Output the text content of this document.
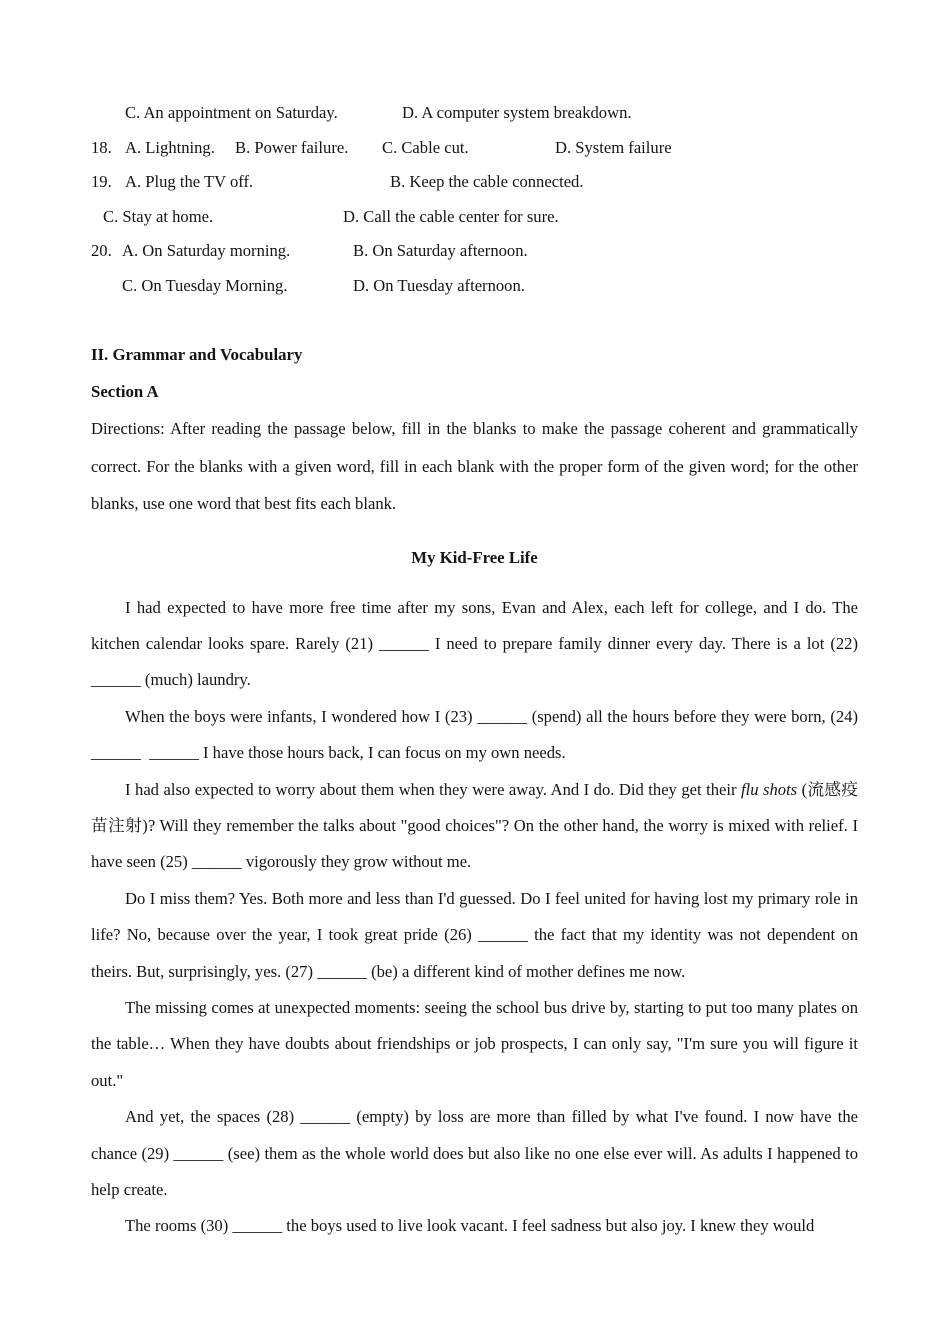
C. An appointment on Saturday.	D. A computer system breakdown.
18. A. Lightning. B. Power failure. C. Cable cut.	D. System failure
19. A. Plug the TV off.	B. Keep the cable connected.
C. Stay at home.	D. Call the cable center for sure.
20. A. On Saturday morning.	B. On Saturday afternoon.
C. On Tuesday Morning.	D. On Tuesday afternoon.
II. Grammar and Vocabulary
Section A

Directions: After reading the passage below, fill in the blanks to make the passage coherent and grammatically correct. For the blanks with a given word, fill in each blank with the proper form of the given word; for the other blanks, use one word that best fits each blank.

My Kid-Free Life

I had expected to have more free time after my sons, Evan and Alex, each left for college, and I do. The kitchen calendar looks spare. Rarely (21) ______ I need to prepare family dinner every day. There is a lot (22) ______ (much) laundry.

When the boys were infants, I wondered how I (23) ______ (spend) all the hours before they were born, (24) ______  ______ I have those hours back, I can focus on my own needs.

I had also expected to worry about them when they were away. And I do. Did they get their flu shots (流感疫苗注射)? Will they remember the talks about "good choices"? On the other hand, the worry is mixed with relief. I have seen (25) ______ vigorously they grow without me.

Do I miss them? Yes. Both more and less than I'd guessed. Do I feel united for having lost my primary role in life? No, because over the year, I took great pride (26) ______ the fact that my identity was not dependent on theirs. But, surprisingly, yes. (27) ______ (be) a different kind of mother defines me now.

The missing comes at unexpected moments: seeing the school bus drive by, starting to put too many plates on the table… When they have doubts about friendships or job prospects, I can only say, "I'm sure you will figure it out."

And yet, the spaces (28) ______ (empty) by loss are more than filled by what I've found. I now have the chance (29) ______ (see) them as the whole world does but also like no one else ever will. As adults I happened to help create.

The rooms (30) ______ the boys used to live look vacant. I feel sadness but also joy. I knew they would
